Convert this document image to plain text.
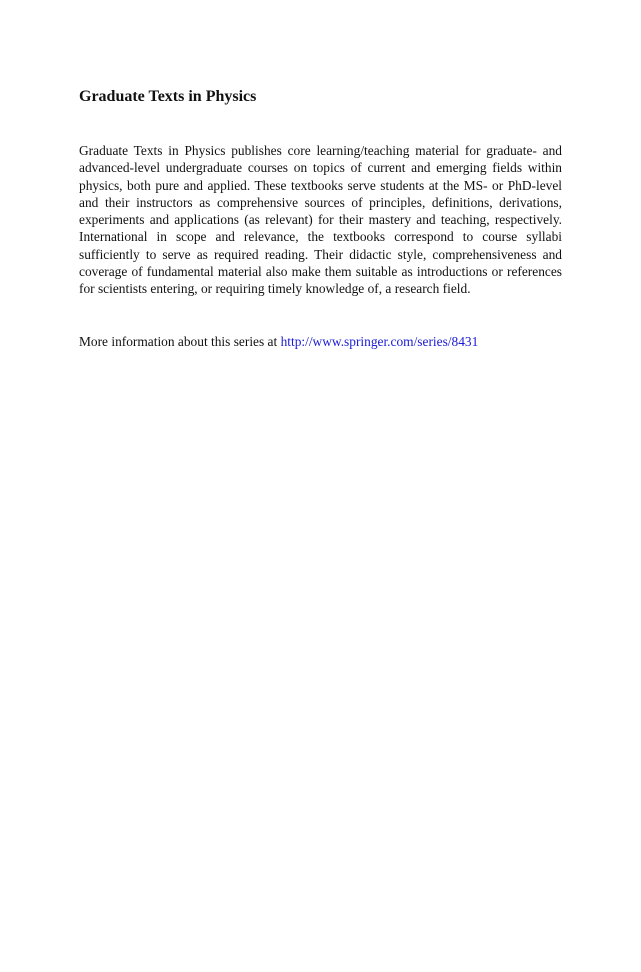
Graduate Texts in Physics

Graduate Texts in Physics publishes core learning/teaching material for graduate- and advanced-level undergraduate courses on topics of current and emerging fields within physics, both pure and applied. These textbooks serve students at the MS- or PhD-level and their instructors as comprehensive sources of principles, definitions, derivations, experiments and applications (as relevant) for their mastery and teaching, respectively. International in scope and relevance, the textbooks correspond to course syllabi sufficiently to serve as required reading. Their didactic style, comprehensiveness and coverage of fundamental material also make them suitable as introductions or references for scientists entering, or requiring timely knowledge of, a research field.

More information about this series at http://www.springer.com/series/8431
